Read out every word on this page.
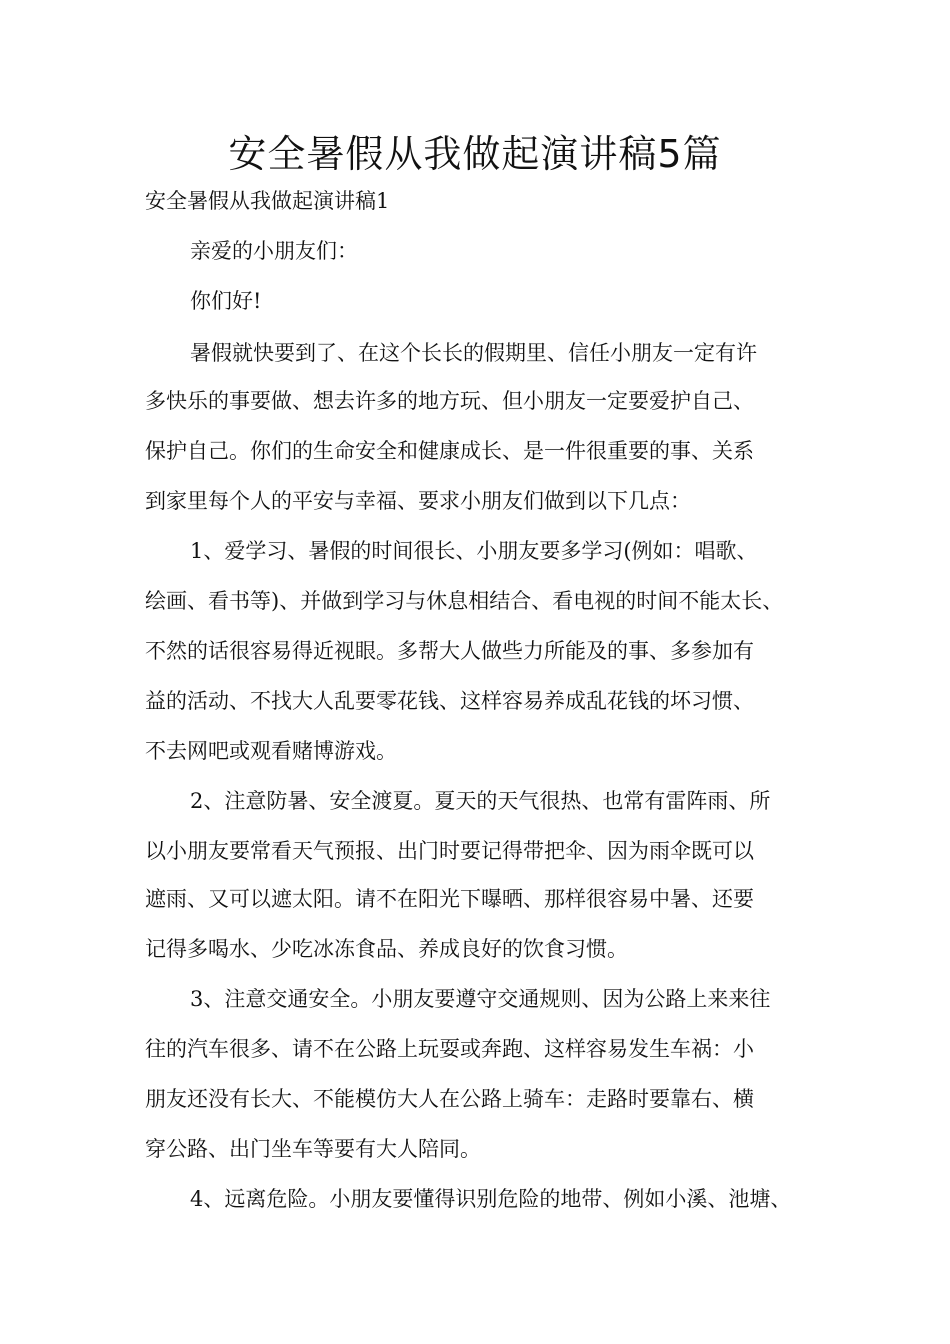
安全暑假从我做起演讲稿5篇
安全暑假从我做起演讲稿1
亲爱的小朋友们：
你们好!
暑假就快要到了、在这个长长的假期里、信任小朋友一定有许
多快乐的事要做、想去许多的地方玩、但小朋友一定要爱护自己、
保护自己。你们的生命安全和健康成长、是一件很重要的事、关系
到家里每个人的平安与幸福、要求小朋友们做到以下几点：
1、爱学习、暑假的时间很长、小朋友要多学习(例如：唱歌、
绘画、看书等)、并做到学习与休息相结合、看电视的时间不能太长、
不然的话很容易得近视眼。多帮大人做些力所能及的事、多参加有
益的活动、不找大人乱要零花钱、这样容易养成乱花钱的坏习惯、
不去网吧或观看赌博游戏。
2、注意防暑、安全渡夏。夏天的天气很热、也常有雷阵雨、所
以小朋友要常看天气预报、出门时要记得带把伞、因为雨伞既可以
遮雨、又可以遮太阳。请不在阳光下曝晒、那样很容易中暑、还要
记得多喝水、少吃冰冻食品、养成良好的饮食习惯。
3、注意交通安全。小朋友要遵守交通规则、因为公路上来来往
往的汽车很多、请不在公路上玩耍或奔跑、这样容易发生车祸：小
朋友还没有长大、不能模仿大人在公路上骑车：走路时要靠右、横
穿公路、出门坐车等要有大人陪同。
4、远离危险。小朋友要懂得识别危险的地带、例如小溪、池塘、
